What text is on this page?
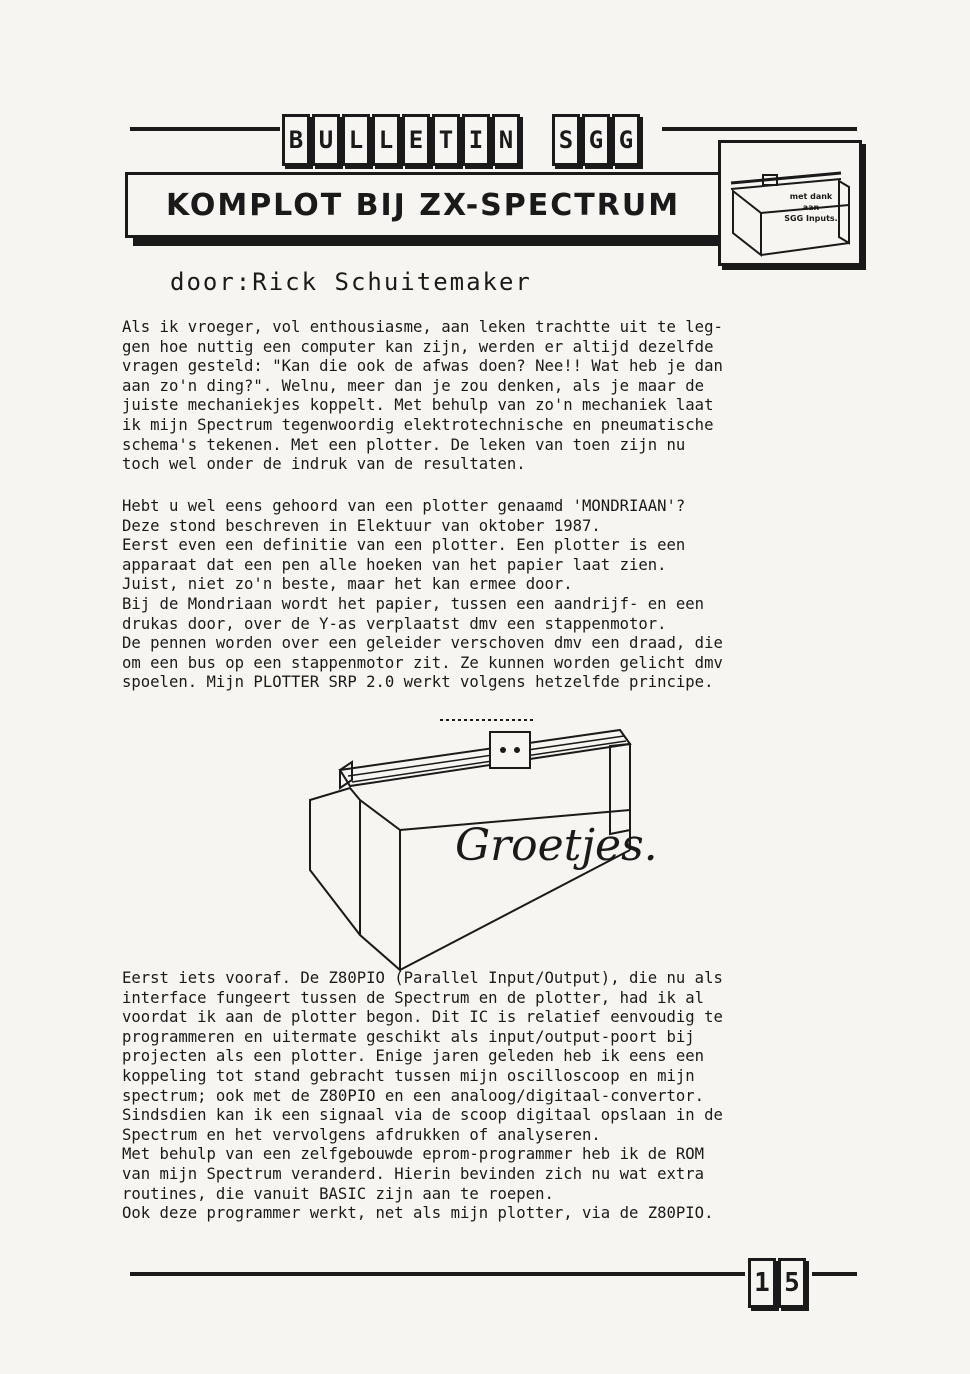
B U L L E T I N S G G
KOMPLOT BIJ ZX-SPECTRUM	met dank
aan
SGG Inputs.
door:Rick Schuitemaker
Als ik vroeger, vol enthousiasme, aan leken trachtte uit te leg-
gen hoe nuttig een computer kan zijn, werden er altijd dezelfde
vragen gesteld: "Kan die ook de afwas doen? Nee!! Wat heb je dan
aan zo'n ding?". Welnu, meer dan je zou denken, als je maar de
juiste mechaniekjes koppelt. Met behulp van zo'n mechaniek laat
ik mijn Spectrum tegenwoordig elektrotechnische en pneumatische
schema's tekenen. Met een plotter. De leken van toen zijn nu
toch wel onder de indruk van de resultaten.
Hebt u wel eens gehoord van een plotter genaamd 'MONDRIAAN'?
Deze stond beschreven in Elektuur van oktober 1987.
Eerst even een definitie van een plotter. Een plotter is een
apparaat dat een pen alle hoeken van het papier laat zien.
Juist, niet zo'n beste, maar het kan ermee door.
Bij de Mondriaan wordt het papier, tussen een aandrijf- en een
drukas door, over de Y-as verplaatst dmv een stappenmotor.
De pennen worden over een geleider verschoven dmv een draad, die
om een bus op een stappenmotor zit. Ze kunnen worden gelicht dmv
spoelen. Mijn PLOTTER SRP 2.0 werkt volgens hetzelfde principe.
Groetjes.
Eerst iets vooraf. De Z80PIO (Parallel Input/Output), die nu als
interface fungeert tussen de Spectrum en de plotter, had ik al
voordat ik aan de plotter begon. Dit IC is relatief eenvoudig te
programmeren en uitermate geschikt als input/output-poort bij
projecten als een plotter. Enige jaren geleden heb ik eens een
koppeling tot stand gebracht tussen mijn oscilloscoop en mijn
spectrum; ook met de Z80PIO en een analoog/digitaal-convertor.
Sindsdien kan ik een signaal via de scoop digitaal opslaan in de
Spectrum en het vervolgens afdrukken of analyseren.
Met behulp van een zelfgebouwde eprom-programmer heb ik de ROM
van mijn Spectrum veranderd. Hierin bevinden zich nu wat extra
routines, die vanuit BASIC zijn aan te roepen.
Ook deze programmer werkt, net als mijn plotter, via de Z80PIO.
1 5
